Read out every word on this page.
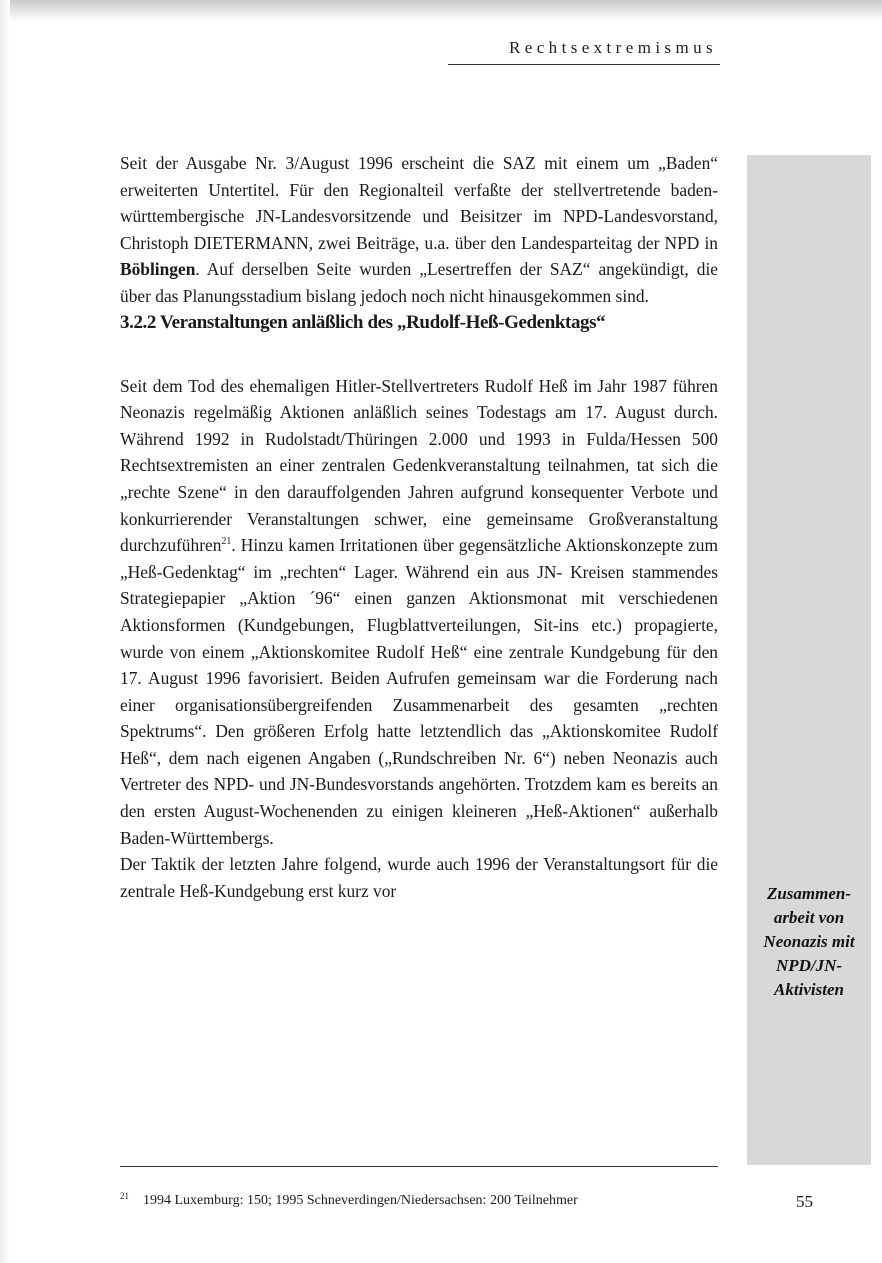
Rechtsextremismus
Zusammen-
arbeit von
Neonazis mit
NPD/JN-
Aktivisten

Seit der Ausgabe Nr. 3/August 1996 erscheint die SAZ mit einem um „Baden“ erweiterten Untertitel. Für den Regionalteil verfaßte der stellvertretende baden-württembergische JN-Landesvorsitzende und Beisitzer im NPD-Landesvorstand, Christoph DIETERMANN, zwei Beiträge, u.a. über den Landesparteitag der NPD in Böblingen. Auf derselben Seite wurden „Lesertreffen der SAZ“ angekündigt, die über das Planungsstadium bislang jedoch noch nicht hinausgekommen sind.

3.2.2 Veranstaltungen anläßlich des „Rudolf-Heß-Gedenktags“

Seit dem Tod des ehemaligen Hitler-Stellvertreters Rudolf Heß im Jahr 1987 führen Neonazis regelmäßig Aktionen anläßlich seines Todestags am 17. August durch. Während 1992 in Rudolstadt/Thüringen 2.000 und 1993 in Fulda/Hessen 500 Rechtsextremisten an einer zentralen Gedenkveranstaltung teilnahmen, tat sich die „rechte Szene“ in den darauffolgenden Jahren aufgrund konsequenter Verbote und konkurrierender Veranstaltungen schwer, eine gemeinsame Großveranstaltung durchzuführen$^{21}$. Hinzu kamen Irritationen über gegensätzliche Aktionskonzepte zum „Heß-Gedenktag“ im „rechten“ Lager. Während ein aus JN- Kreisen stammendes Strategiepapier „Aktion ´96“ einen ganzen Aktionsmonat mit verschiedenen Aktionsformen (Kundgebungen, Flugblattverteilungen, Sit-ins etc.) propagierte, wurde von einem „Aktionskomitee Rudolf Heß“ eine zentrale Kundgebung für den 17. August 1996 favorisiert. Beiden Aufrufen gemeinsam war die Forderung nach einer organisationsübergreifenden Zusammenarbeit des gesamten „rechten Spektrums“. Den größeren Erfolg hatte letztendlich das „Aktionskomitee Rudolf Heß“, dem nach eigenen Angaben („Rundschreiben Nr. 6“) neben Neonazis auch Vertreter des NPD- und JN-Bundesvorstands angehörten. Trotzdem kam es bereits an den ersten August-Wochenenden zu einigen kleineren „Heß-Aktionen“ außerhalb Baden-Württembergs.

Der Taktik der letzten Jahre folgend, wurde auch 1996 der Veranstaltungsort für die zentrale Heß-Kundgebung erst kurz vor

$^{21}$ 1994 Luxemburg: 150; 1995 Schneverdingen/Niedersachsen: 200 Teilnehmer	55
